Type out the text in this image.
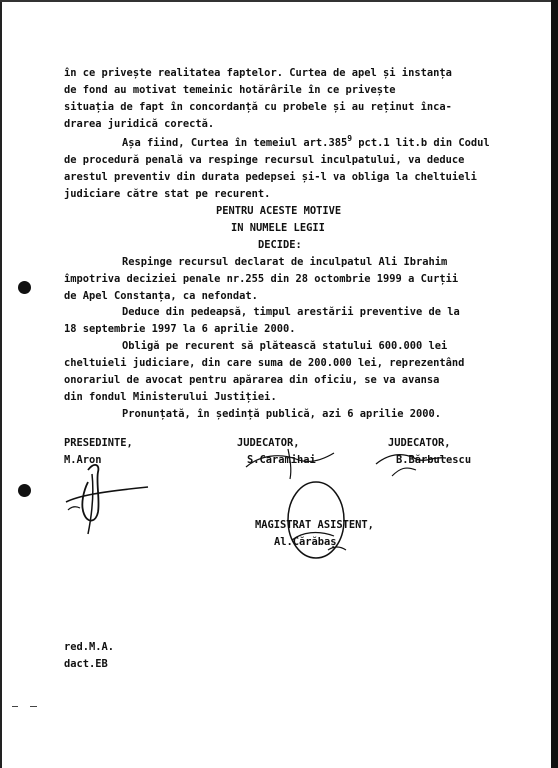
în ce privește realitatea faptelor. Curtea de apel și instanța
de fond au motivat temeinic hotărârile în ce privește
situația de fapt în concordanță cu probele și au reținut înca-
drarea juridică corectă.
Așa fiind, Curtea în temeiul art.385$^9$ pct.1 lit.b din Codul
de procedură penală va respinge recursul inculpatului, va deduce
arestul preventiv din durata pedepsei și-l va obliga la cheltuieli
judiciare către stat pe recurent.
PENTRU ACESTE MOTIVE
IN NUMELE LEGII
DECIDE:
Respinge recursul declarat de inculpatul Ali Ibrahim
împotriva deciziei penale nr.255 din 28 octombrie 1999 a Curții
de Apel Constanța, ca nefondat.
Deduce din pedeapsă, timpul arestării preventive de la
18 septembrie 1997 la 6 aprilie 2000.
Obligă pe recurent să plătească statului 600.000 lei
cheltuieli judiciare, din care suma de 200.000 lei, reprezentând
onorariul de avocat pentru apărarea din oficiu, se va avansa
din fondul Ministerului Justiției.
Pronunțată, în ședință publică, azi 6 aprilie 2000.
PRESEDINTE,
M.Aron
JUDECATOR,
S.Caramihai
JUDECATOR,
B.Bărbulescu
MAGISTRAT ASISTENT,
Al.Cărăbaș
red.M.A.
dact.EB
